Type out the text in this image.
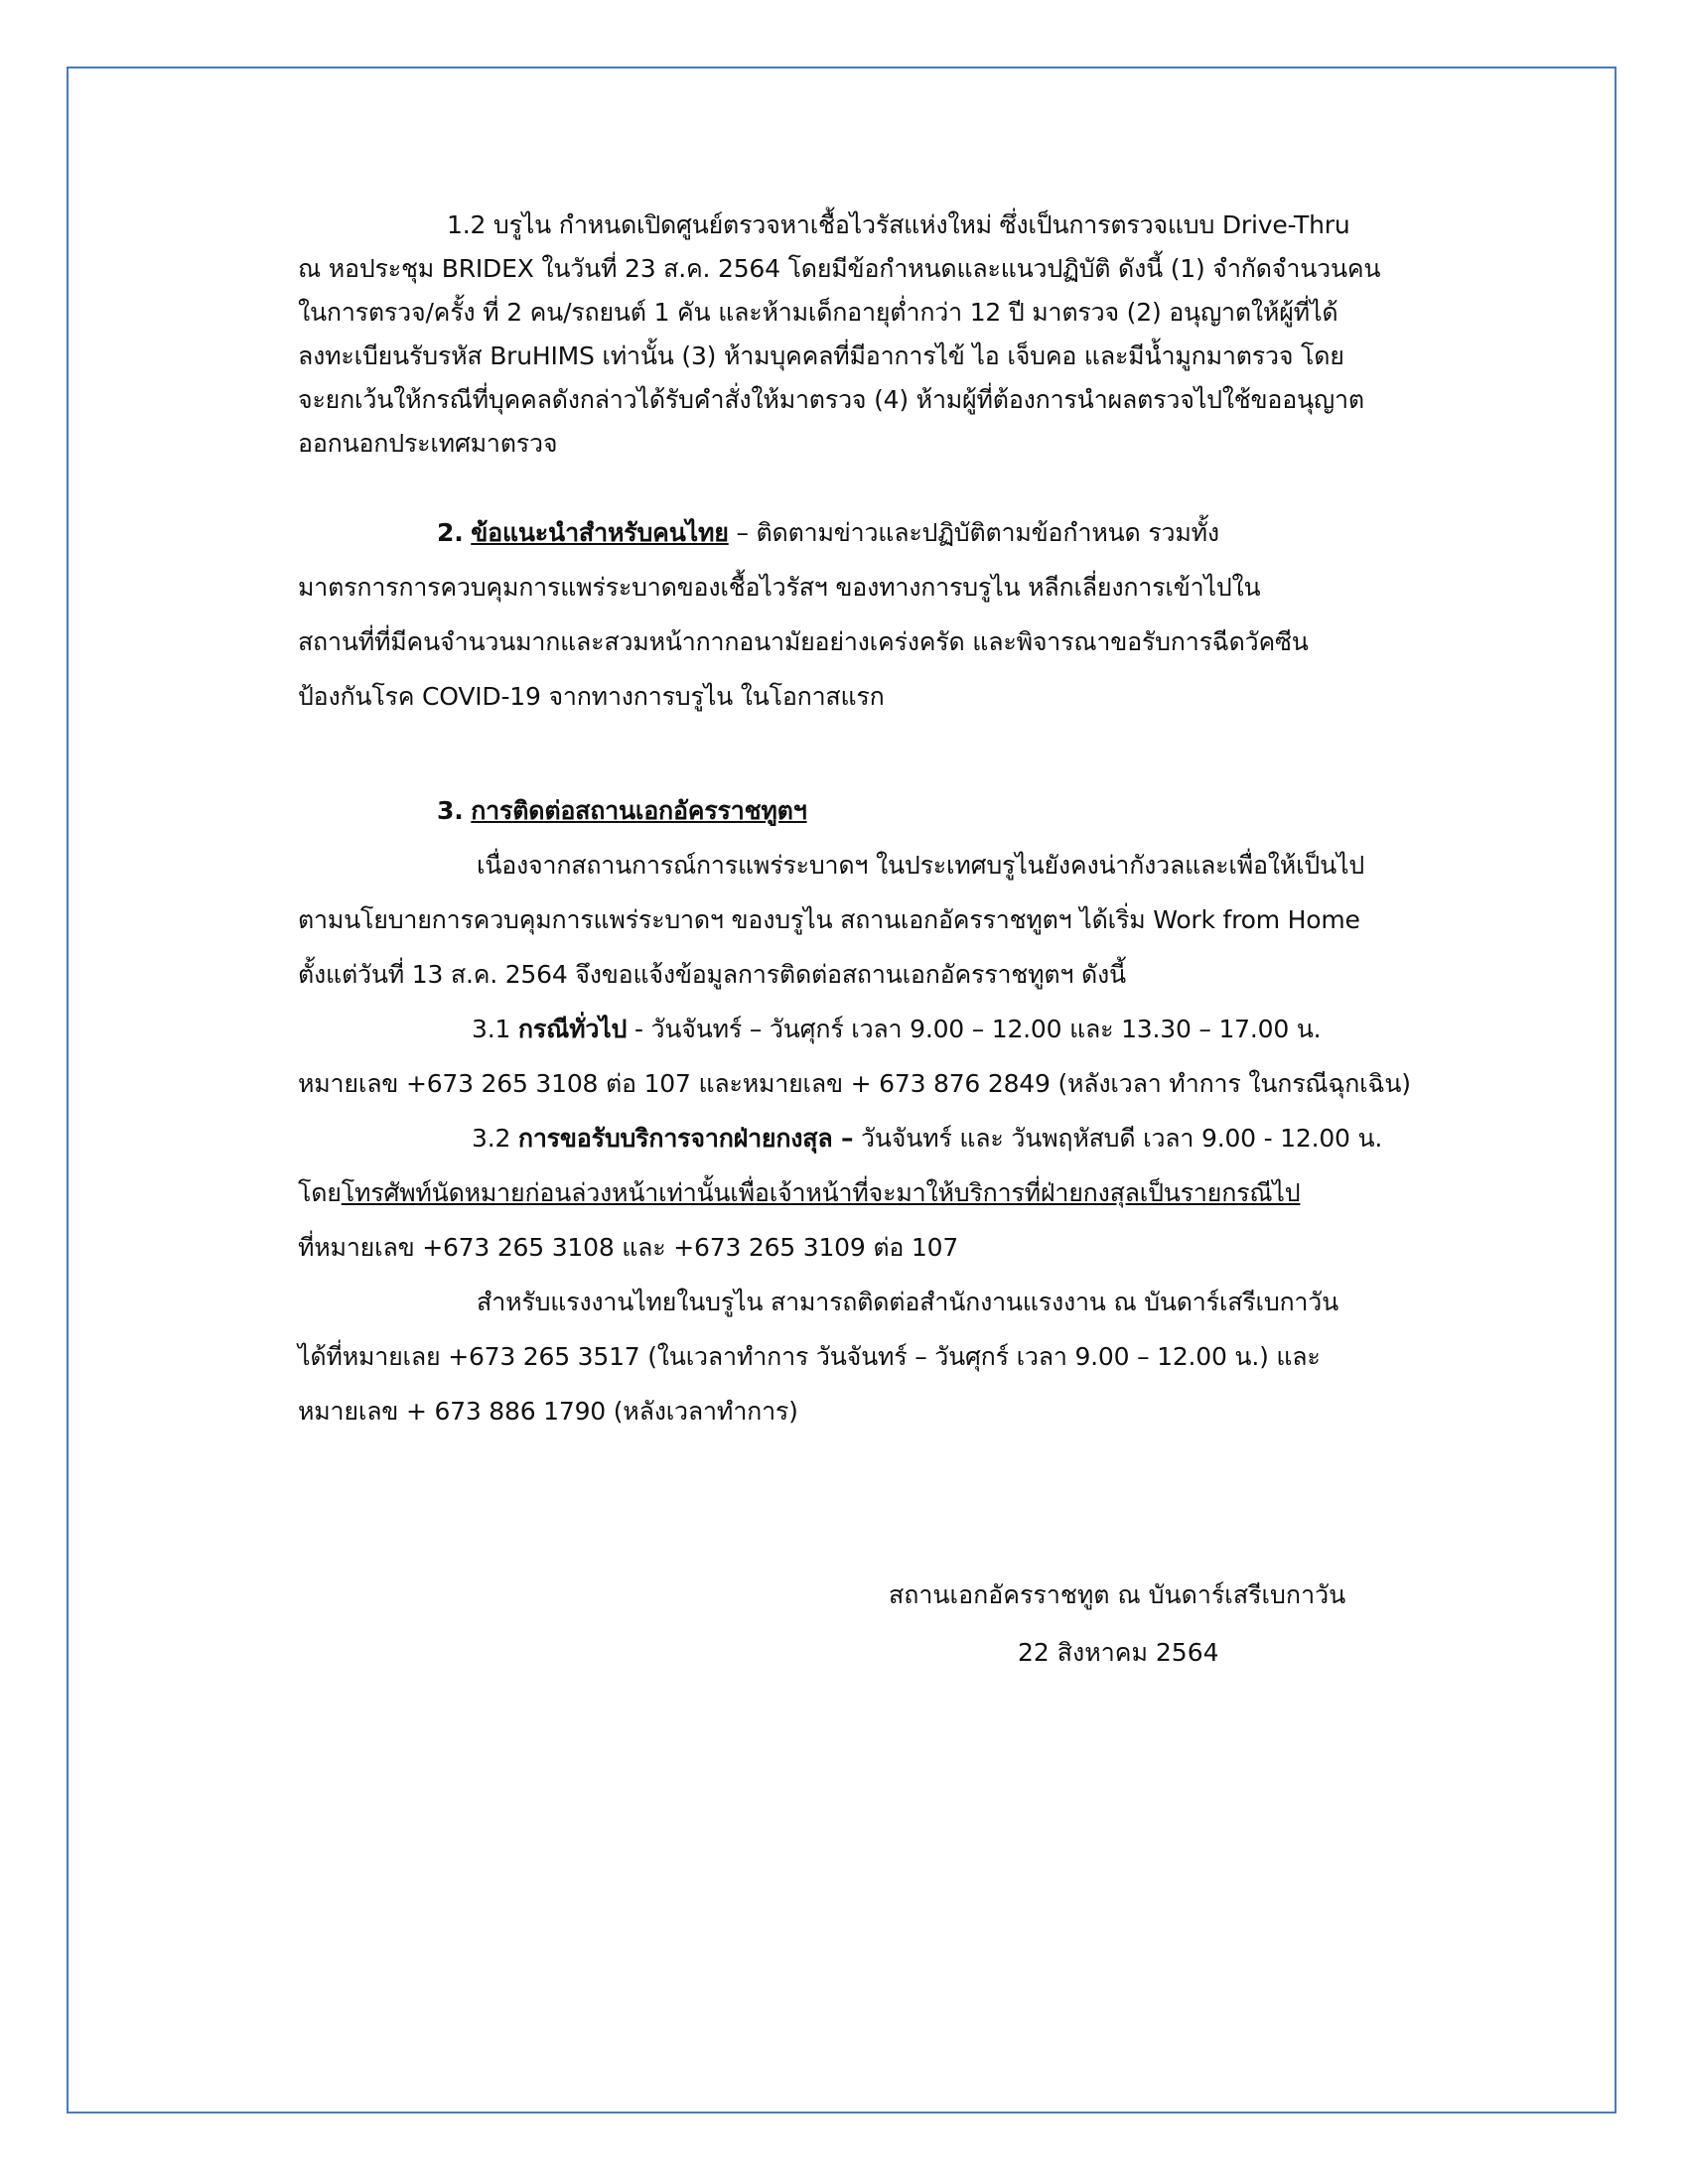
1.2 บรูไน กำหนดเปิดศูนย์ตรวจหาเชื้อไวรัสแห่งใหม่ ซึ่งเป็นการตรวจแบบ Drive-Thru
ณ หอประชุม BRIDEX ในวันที่ 23 ส.ค. 2564 โดยมีข้อกำหนดและแนวปฏิบัติ ดังนี้ (1) จำกัดจำนวนคน
ในการตรวจ/ครั้ง ที่ 2 คน/รถยนต์ 1 คัน และห้ามเด็กอายุต่ำกว่า 12 ปี มาตรวจ (2) อนุญาตให้ผู้ที่ได้
ลงทะเบียนรับรหัส BruHIMS เท่านั้น (3) ห้ามบุคคลที่มีอาการไข้ ไอ เจ็บคอ และมีน้ำมูกมาตรวจ โดย
จะยกเว้นให้กรณีที่บุคคลดังกล่าวได้รับคำสั่งให้มาตรวจ (4) ห้ามผู้ที่ต้องการนำผลตรวจไปใช้ขออนุญาต
ออกนอกประเทศมาตรวจ
2. ข้อแนะนำสำหรับคนไทย – ติดตามข่าวและปฏิบัติตามข้อกำหนด รวมทั้ง
มาตรการการควบคุมการแพร่ระบาดของเชื้อไวรัสฯ ของทางการบรูไน หลีกเลี่ยงการเข้าไปใน
สถานที่ที่มีคนจำนวนมากและสวมหน้ากากอนามัยอย่างเคร่งครัด และพิจารณาขอรับการฉีดวัคซีน
ป้องกันโรค COVID-19 จากทางการบรูไน ในโอกาสแรก
3. การติดต่อสถานเอกอัครราชทูตฯ
เนื่องจากสถานการณ์การแพร่ระบาดฯ ในประเทศบรูไนยังคงน่ากังวลและเพื่อให้เป็นไป
ตามนโยบายการควบคุมการแพร่ระบาดฯ ของบรูไน สถานเอกอัครราชทูตฯ ได้เริ่ม Work from Home
ตั้งแต่วันที่ 13 ส.ค. 2564 จึงขอแจ้งข้อมูลการติดต่อสถานเอกอัครราชทูตฯ ดังนี้
3.1 กรณีทั่วไป - วันจันทร์ – วันศุกร์ เวลา 9.00 – 12.00 และ 13.30 – 17.00 น.
หมายเลข +673 265 3108 ต่อ 107 และหมายเลข + 673 876 2849 (หลังเวลา ทำการ ในกรณีฉุกเฉิน)
3.2 การขอรับบริการจากฝ่ายกงสุล – วันจันทร์ และ วันพฤหัสบดี เวลา 9.00 - 12.00 น.
โดยโทรศัพท์นัดหมายก่อนล่วงหน้าเท่านั้นเพื่อเจ้าหน้าที่จะมาให้บริการที่ฝ่ายกงสุลเป็นรายกรณีไป
ที่หมายเลข +673 265 3108 และ +673 265 3109 ต่อ 107
สำหรับแรงงานไทยในบรูไน สามารถติดต่อสำนักงานแรงงาน ณ บันดาร์เสรีเบกาวัน
ได้ที่หมายเลย +673 265 3517 (ในเวลาทำการ วันจันทร์ – วันศุกร์ เวลา 9.00 – 12.00 น.) และ
หมายเลข + 673 886 1790 (หลังเวลาทำการ)
สถานเอกอัครราชทูต ณ บันดาร์เสรีเบกาวัน
22 สิงหาคม 2564
